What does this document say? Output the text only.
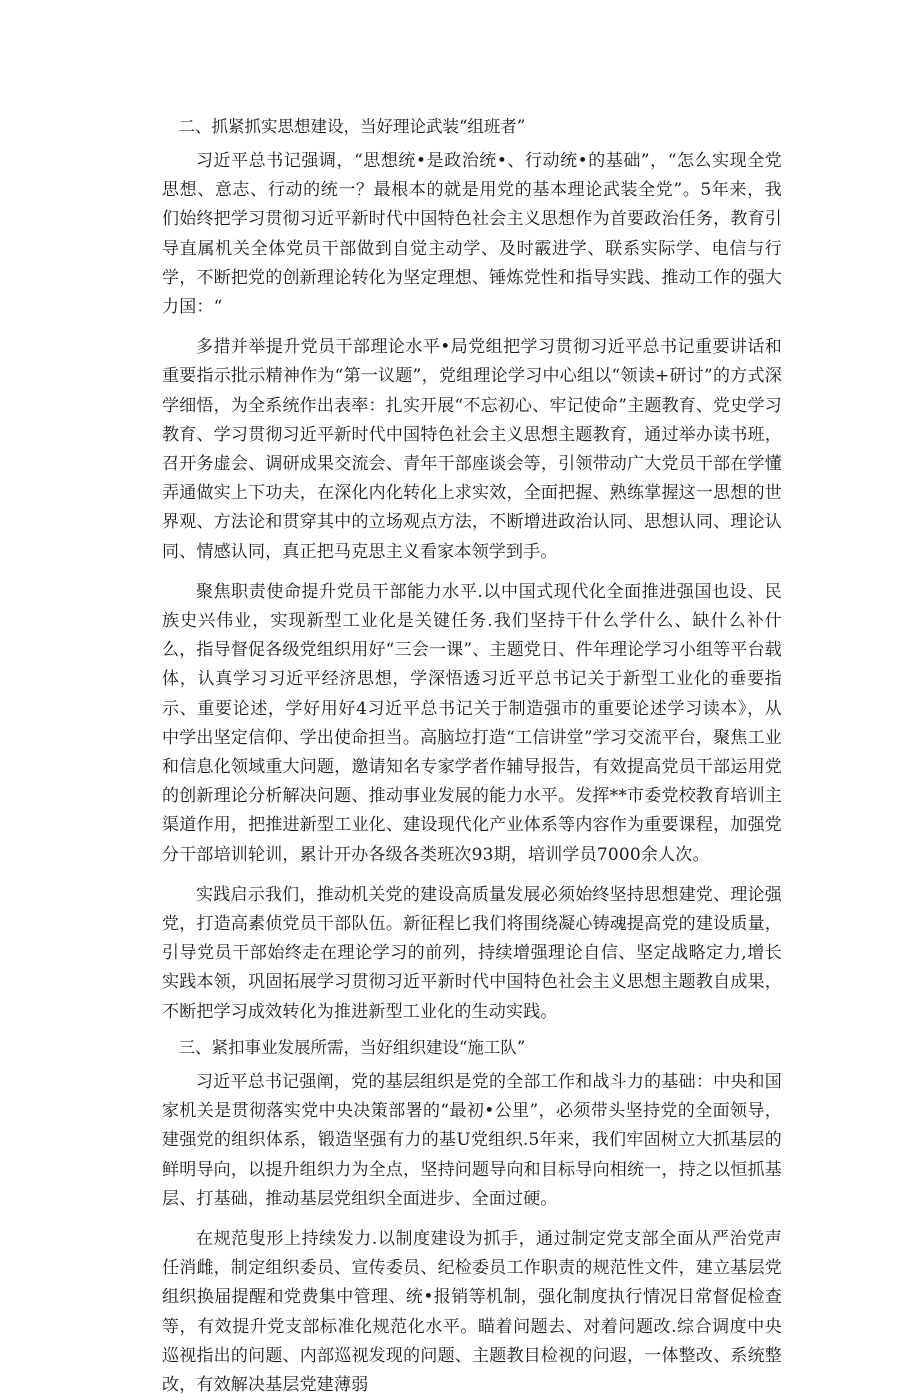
二、抓紧抓实思想建设，当好理论武装“组班者”

习近平总书记强调，“思想统•是政治统•、行动统•的基础”，“怎么实现全党思想、意志、行动的统一？最根本的就是用党的基本理论武装全党”。5年来，我们始终把学习贯彻习近平新时代中国特色社会主义思想作为首要政治任务，教育引导直属机关全体党员干部做到自觉主动学、及时霰进学、联系实际学、电信与行学，不断把党的创新理论转化为坚定理想、锤炼党性和指导实践、推动工作的强大力国：“

多措并举提升党员干部理论水平•局党组把学习贯彻习近平总书记重要讲话和重要指示批示精神作为“第一议题”，党组理论学习中心组以“领读+研讨”的方式深学细悟，为全系统作出表率：扎实开展“不忘初心、牢记使命”主题教育、党史学习教育、学习贯彻习近平新时代中国特色社会主义思想主题教育，通过举办读书班，召开务虚会、调研成果交流会、青年干部座谈会等，引领带动广大党员干部在学懂弄通做实上下功夫，在深化内化转化上求实效，全面把握、熟练掌握这一思想的世界观、方法论和贯穿其中的立场观点方法，不断增进政治认同、思想认同、理论认同、情感认同，真正把马克思主义看家本领学到手。

聚焦职责使命提升党员干部能力水平.以中国式现代化全面推进强国也设、民族史兴伟业，实现新型工业化是关键任务.我们坚持干什么学什么、缺什么补什么，指导督促各级党组织用好“三会一课”、主题党日、件年理论学习小组等平台载体，认真学习习近平经济思想，学深悟透习近平总书记关于新型工业化的垂要指示、重要论述，学好用好4习近平总书记关于制造强市的重要论述学习读本》，从中学出坚定信仰、学出使命担当。高脑垃打造“工信讲堂”学习交流平台，聚焦工业和信息化领域重大问题，邀请知名专家学者作辅导报告，有效提高党员干部运用党的创新理论分析解决问题、推动事业发展的能力水平。发挥**市委党校教育培训主渠道作用，把推进新型工业化、建设现代化产业体系等内容作为重要课程，加强党分干部培训轮训，累计开办各级各类班次93期，培训学员7000余人次。

实践启示我们，推动机关党的建设高质量发展必须始终坚持思想建党、理论强党，打造高素侦党员干部队伍。新征程匕我们将围绕凝心铸魂提高党的建设质量，引导党员干部始终走在理论学习的前列，持续增强理论自信、坚定战略定力,增长实践本领，巩固拓展学习贯彻习近平新时代中国特色社会主义思想主题教自成果，不断把学习成效转化为推进新型工业化的生动实践。

三、紧扣事业发展所需，当好组织建设“施工队”

习近平总书记强阐，党的基层组织是党的全部工作和战斗力的基础：中央和国家机关是贯彻落实党中央决策部署的“最初•公里”，必须带头坚持党的全面领导，建强党的组织体系，锻造坚强有力的基U党组织.5年来，我们牢固树立大抓基层的鲜明导向，以提升组织力为全点，坚持问题导向和目标导向相统一，持之以恒抓基层、打基础，推动基层党组织全面进步、全面过硬。

在规范叟形上持续发力.以制度建设为抓手，通过制定党支部全面从严治党声任消雌，制定组织委员、宣传委员、纪检委员工作职责的规范性文件，建立基层党组织换届提醒和党费集中管理、统•报销等机制，强化制度执行情况日常督促检查等，有效提升党支部标准化规范化水平。瞄着问题去、对着问题改.综合调度中央巡视指出的问题、内部巡视发现的问题、主题教目检视的问遐，一体整改、系统整改，有效解决基层党建薄弱
